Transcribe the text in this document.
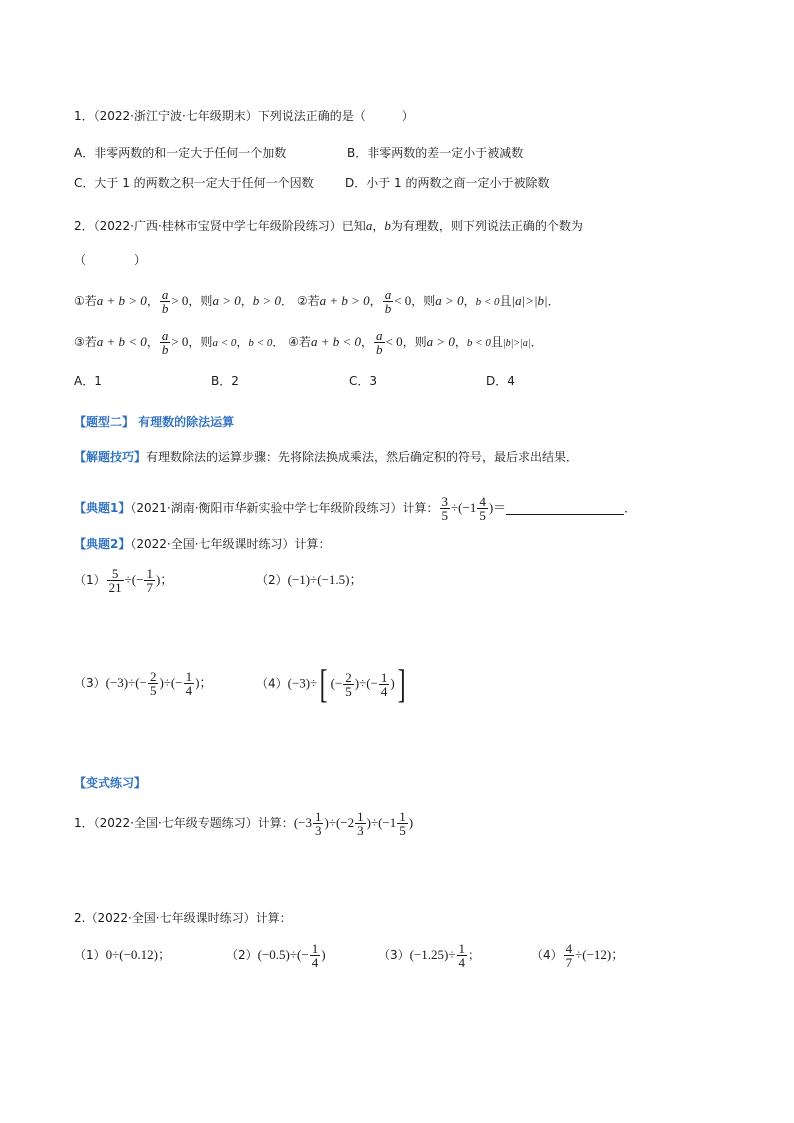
1．（2022·浙江宁波·七年级期末）下列说法正确的是（　　　）
A．非零两数的和一定大于任何一个加数	B．非零两数的差一定小于被减数
C．大于 1 的两数之积一定大于任何一个因数	D．小于 1 的两数之商一定小于被除数
2．（2022·广西·桂林市宝贤中学七年级阶段练习）已知a，b为有理数，则下列说法正确的个数为
（　　　　）
①若a + b > 0， $\frac{a}{b} > 0$，则a > 0，b > 0． ②若a + b > 0， $\frac{a}{b} < 0$，则a > 0，b < 0且|a|>|b|．
③若a + b < 0， $\frac{a}{b} > 0$，则a < 0，b < 0． ④若a + b < 0， $\frac{a}{b} < 0$，则a > 0，b < 0且|b|>|a|．
A．1	B．2	C．3	D．4
【题型二】 有理数的除法运算
【解题技巧】有理数除法的运算步骤：先将除法换成乘法，然后确定积的符号，最后求出结果．
【典题1】（2021·湖南·衡阳市华新实验中学七年级阶段练习）计算： $\frac{3}{5} \div(-1 \frac{4}{5}$ )＝	．
【典题2】（2022·全国·七年级课时练习）计算：
$(1) \frac{5}{21}$ ÷(− $\frac{1}{7}$ )；	（2）(−1)÷(−1.5)；
$(3)(-3)\div(- \frac{2}{5}$ )÷(− $\frac{1}{4}$ )；	（4）(−3)÷[ (− $\frac{2}{5}$ )÷(− $\frac{1}{4}$ )]
【变式练习】
1．（2022·全国·七年级专题练习）计算：$(-3 \frac{1}{3} )\div(-2 \frac{1}{3} )\div(-1 \frac{1}{5}$ )
2.（2022·全国·七年级课时练习）计算：
（1）0÷(−0.12)；	$(2)(-0.5)\div(- \frac{1}{4}$ )	$(3)(-1.25)\div \frac{1}{4}$ ；	$(4) \frac{4}{7} \div(-12)$；
